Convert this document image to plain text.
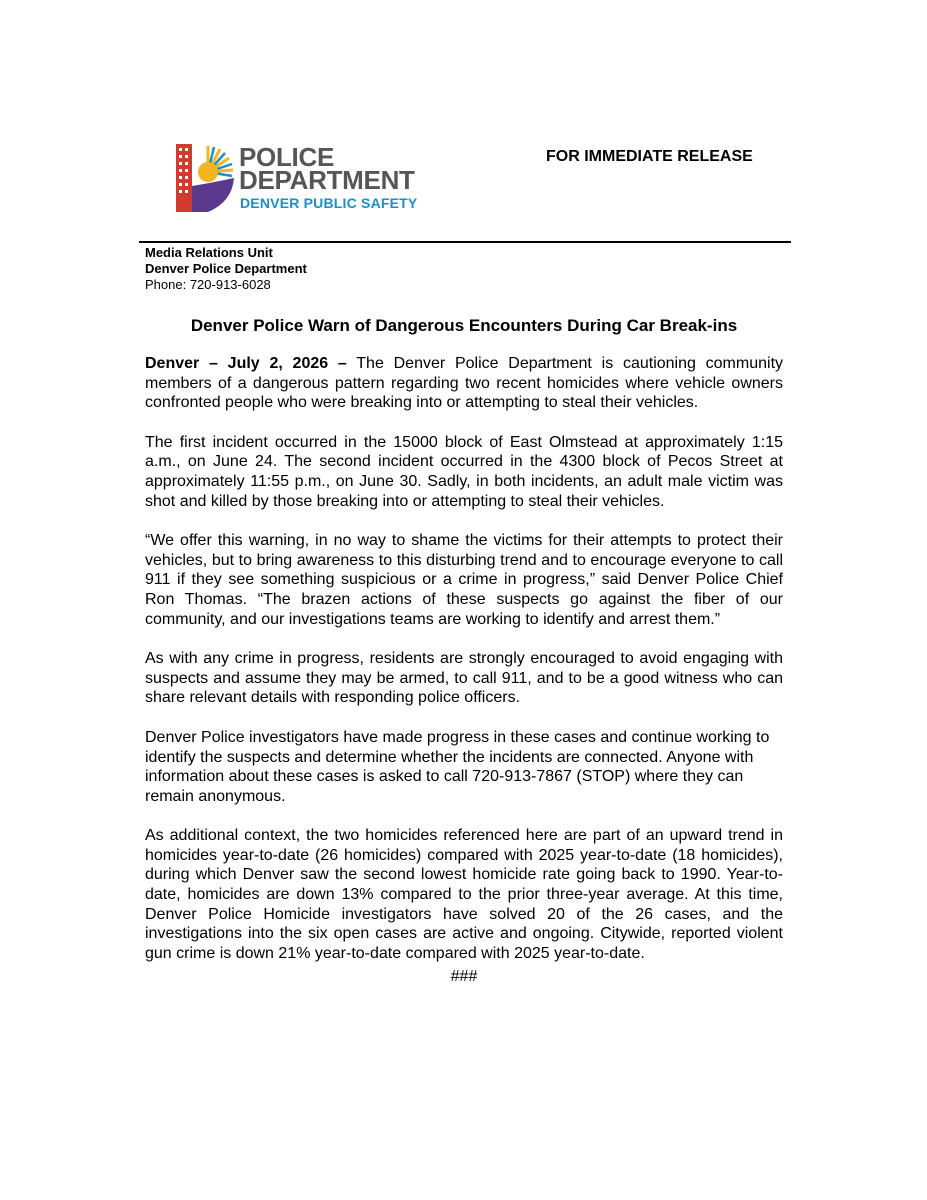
POLICE
DEPARTMENT
DENVER PUBLIC SAFETY
FOR IMMEDIATE RELEASE
Media Relations Unit
Denver Police Department
Phone: 720-913-6028
Denver Police Warn of Dangerous Encounters During Car Break-ins

Denver – July 2, 2026 – The Denver Police Department is cautioning community members of a dangerous pattern regarding two recent homicides where vehicle owners confronted people who were breaking into or attempting to steal their vehicles.

The first incident occurred in the 15000 block of East Olmstead at approximately 1:15 a.m., on June 24. The second incident occurred in the 4300 block of Pecos Street at approximately 11:55 p.m., on June 30. Sadly, in both incidents, an adult male victim was shot and killed by those breaking into or attempting to steal their vehicles.

“We offer this warning, in no way to shame the victims for their attempts to protect their vehicles, but to bring awareness to this disturbing trend and to encourage everyone to call 911 if they see something suspicious or a crime in progress,” said Denver Police Chief Ron Thomas. “The brazen actions of these suspects go against the fiber of our community, and our investigations teams are working to identify and arrest them.”

As with any crime in progress, residents are strongly encouraged to avoid engaging with suspects and assume they may be armed, to call 911, and to be a good witness who can share relevant details with responding police officers.

Denver Police investigators have made progress in these cases and continue working to identify the suspects and determine whether the incidents are connected. Anyone with information about these cases is asked to call 720-913-7867 (STOP) where they can remain anonymous.

As additional context, the two homicides referenced here are part of an upward trend in homicides year-to-date (26 homicides) compared with 2025 year-to-date (18 homicides), during which Denver saw the second lowest homicide rate going back to 1990. Year-to-date, homicides are down 13% compared to the prior three-year average. At this time, Denver Police Homicide investigators have solved 20 of the 26 cases, and the investigations into the six open cases are active and ongoing. Citywide, reported violent gun crime is down 21% year-to-date compared with 2025 year-to-date.

###
